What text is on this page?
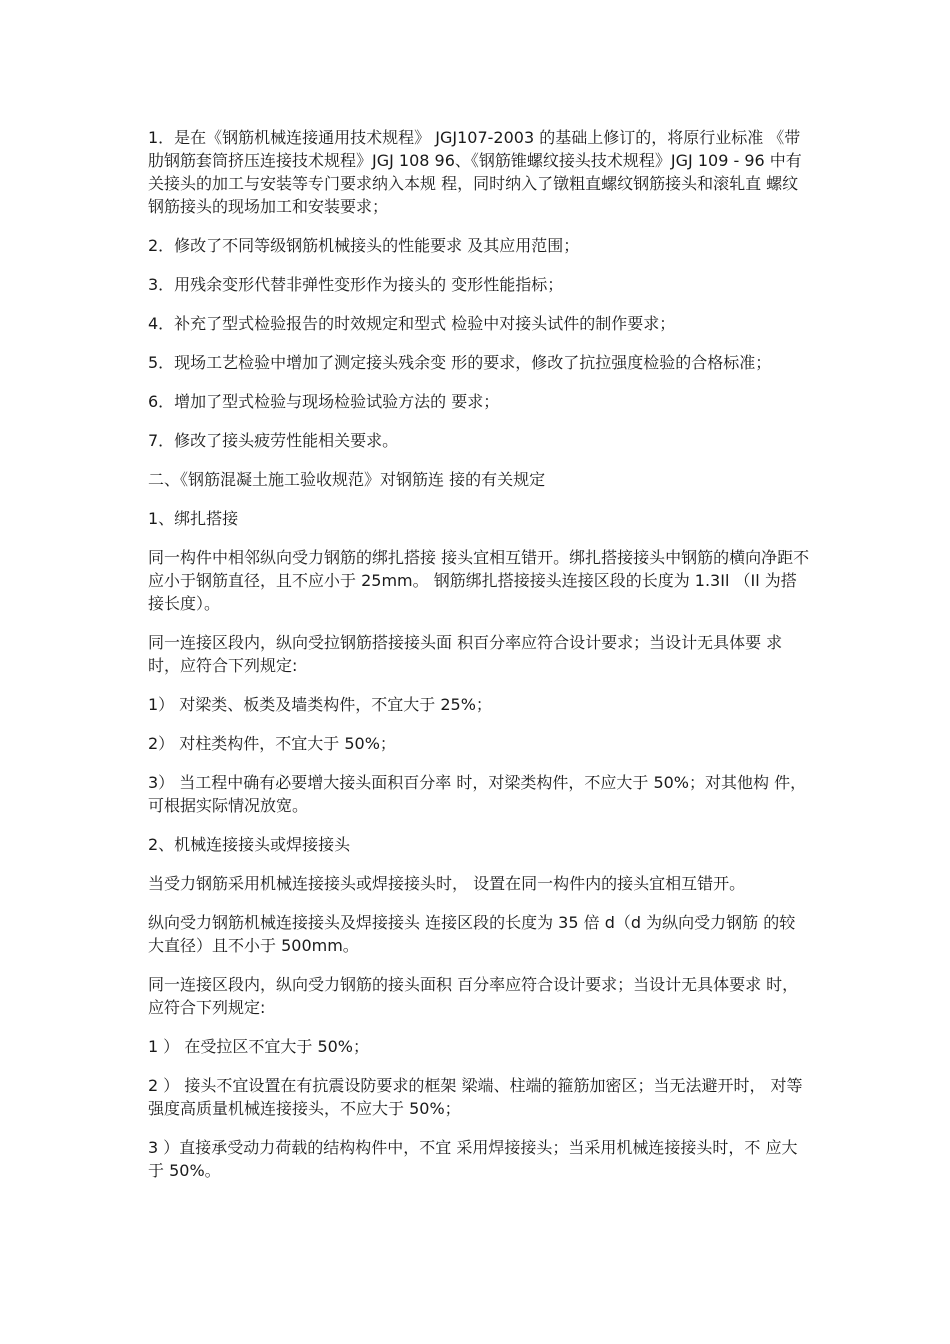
1．是在《钢筋机械连接通用技术规程》 JGJ107-2003 的基础上修订的，将原行业标准 《带肋钢筋套筒挤压连接技术规程》JGJ 108 96、《钢筋锥螺纹接头技术规程》JGJ 109 - 96 中有关接头的加工与安装等专门要求纳入本规 程，同时纳入了镦粗直螺纹钢筋接头和滚轧直 螺纹钢筋接头的现场加工和安装要求；

2．修改了不同等级钢筋机械接头的性能要求 及其应用范围；

3．用残余变形代替非弹性变形作为接头的 变形性能指标；

4．补充了型式检验报告的时效规定和型式 检验中对接头试件的制作要求；

5．现场工艺检验中增加了测定接头残余变 形的要求，修改了抗拉强度检验的合格标准；

6．增加了型式检验与现场检验试验方法的 要求；

7．修改了接头疲劳性能相关要求。

二、《钢筋混凝土施工验收规范》对钢筋连 接的有关规定

1、绑扎搭接

同一构件中相邻纵向受力钢筋的绑扎搭接 接头宜相互错开。绑扎搭接接头中钢筋的横向净距不应小于钢筋直径，且不应小于 25mm。 钢筋绑扎搭接接头连接区段的长度为 1.3Il （Il 为搭接长度）。

同一连接区段内，纵向受拉钢筋搭接接头面 积百分率应符合设计要求；当设计无具体要 求时，应符合下列规定:

1） 对梁类、板类及墙类构件，不宜大于 25%；

2） 对柱类构件，不宜大于 50%；

3） 当工程中确有必要增大接头面积百分率 时，对梁类构件，不应大于 50%；对其他构 件，可根据实际情况放宽。

2、机械连接接头或焊接接头

当受力钢筋采用机械连接接头或焊接接头时， 设置在同一构件内的接头宜相互错开。

纵向受力钢筋机械连接接头及焊接接头 连接区段的长度为 35 倍 d（d 为纵向受力钢筋 的较大直径）且不小于 500mm。

同一连接区段内，纵向受力钢筋的接头面积 百分率应符合设计要求；当设计无具体要求 时，应符合下列规定:

1 ） 在受拉区不宜大于 50%；

2 ） 接头不宜设置在有抗震设防要求的框架 梁端、柱端的箍筋加密区；当无法避开时， 对等强度高质量机械连接接头，不应大于 50%；

3 ）直接承受动力荷载的结构构件中，不宜 采用焊接接头；当采用机械连接接头时，不 应大于 50%。
